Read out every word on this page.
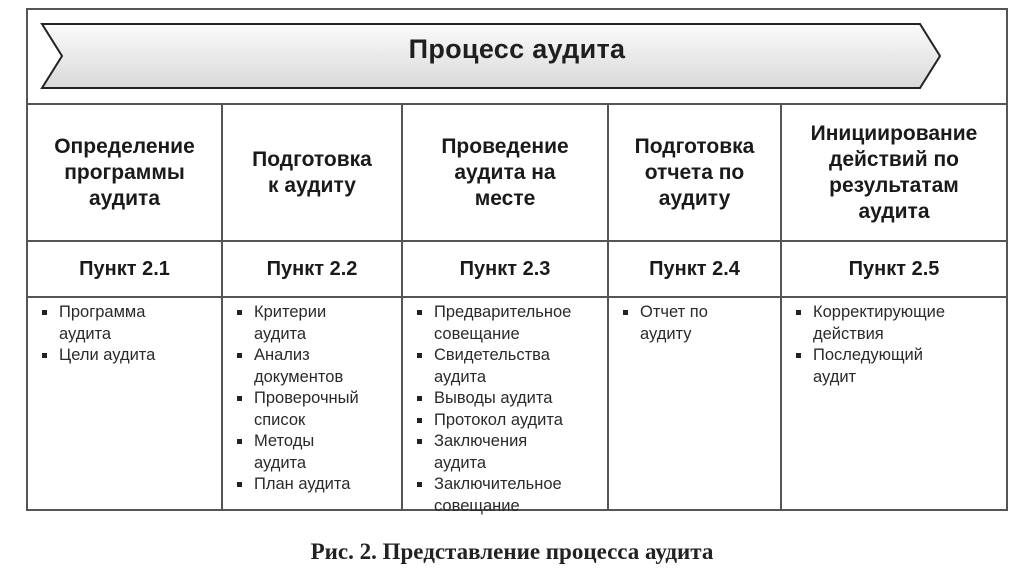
Процесс аудита
Определение
программы
аудита
Пункт 2.1
Программа
аудита
Цели аудита
Подготовка
к аудиту
Пункт 2.2
Критерии
аудита
Анализ
документов
Проверочный
список
Методы
аудита
План аудита
Проведение
аудита на
месте
Пункт 2.3
Предварительное
совещание
Свидетельства
аудита
Выводы аудита
Протокол аудита
Заключения
аудита
Заключительное
совещание
Подготовка
отчета по
аудиту
Пункт 2.4
Отчет по
аудиту
Инициирование
действий по
результатам
аудита
Пункт 2.5
Корректирующие
действия
Последующий
аудит
Рис. 2. Представление процесса аудита
